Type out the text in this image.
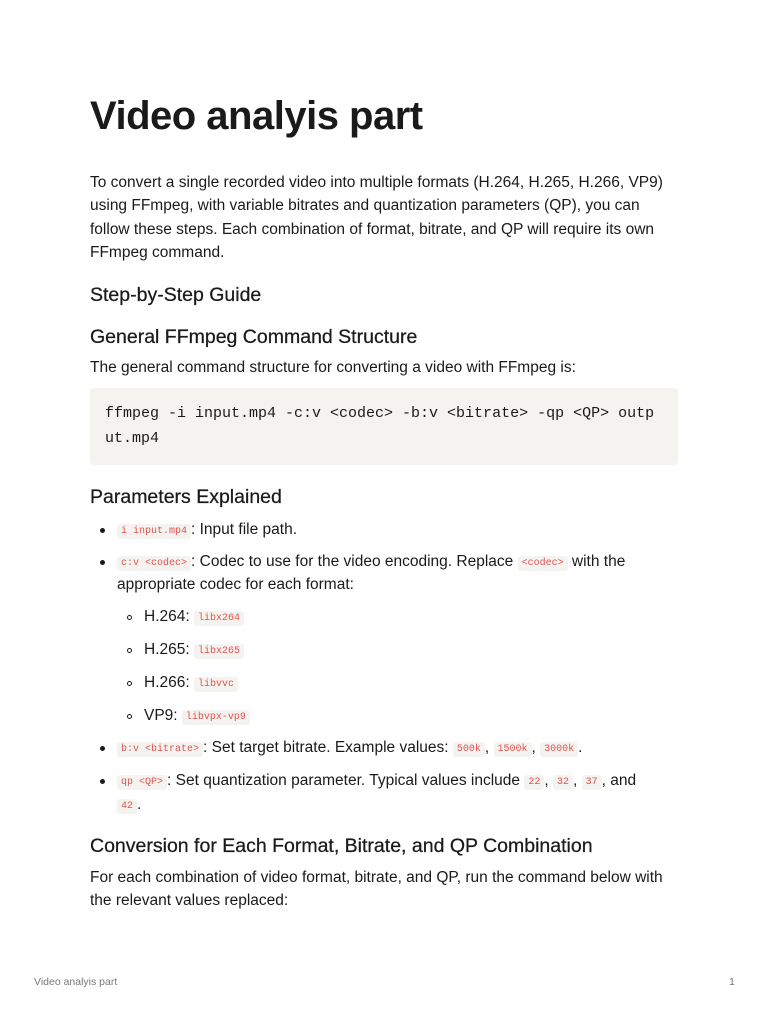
Video analyis part

To convert a single recorded video into multiple formats (H.264, H.265, H.266, VP9) using FFmpeg, with variable bitrates and quantization parameters (QP), you can follow these steps. Each combination of format, bitrate, and QP will require its own FFmpeg command.

Step-by-Step Guide
General FFmpeg Command Structure

The general command structure for converting a video with FFmpeg is:

ffmpeg -i input.mp4 -c:v <codec> -b:v <bitrate> -qp <QP> output.mp4
Parameters Explained
i input.mp4 : Input file path.
c:v <codec> : Codec to use for the video encoding. Replace <codec> with the
appropriate codec for each format:
H.264: libx264
H.265: libx265
H.266: libvvc
VP9: libvpx-vp9
b:v <bitrate> : Set target bitrate. Example values: 500k , 1500k , 3000k .
qp <QP> : Set quantization parameter. Typical values include 22 , 32 , 37 , and
42 .
Conversion for Each Format, Bitrate, and QP Combination

For each combination of video format, bitrate, and QP, run the command below with the relevant values replaced:

Video analyis part	1
